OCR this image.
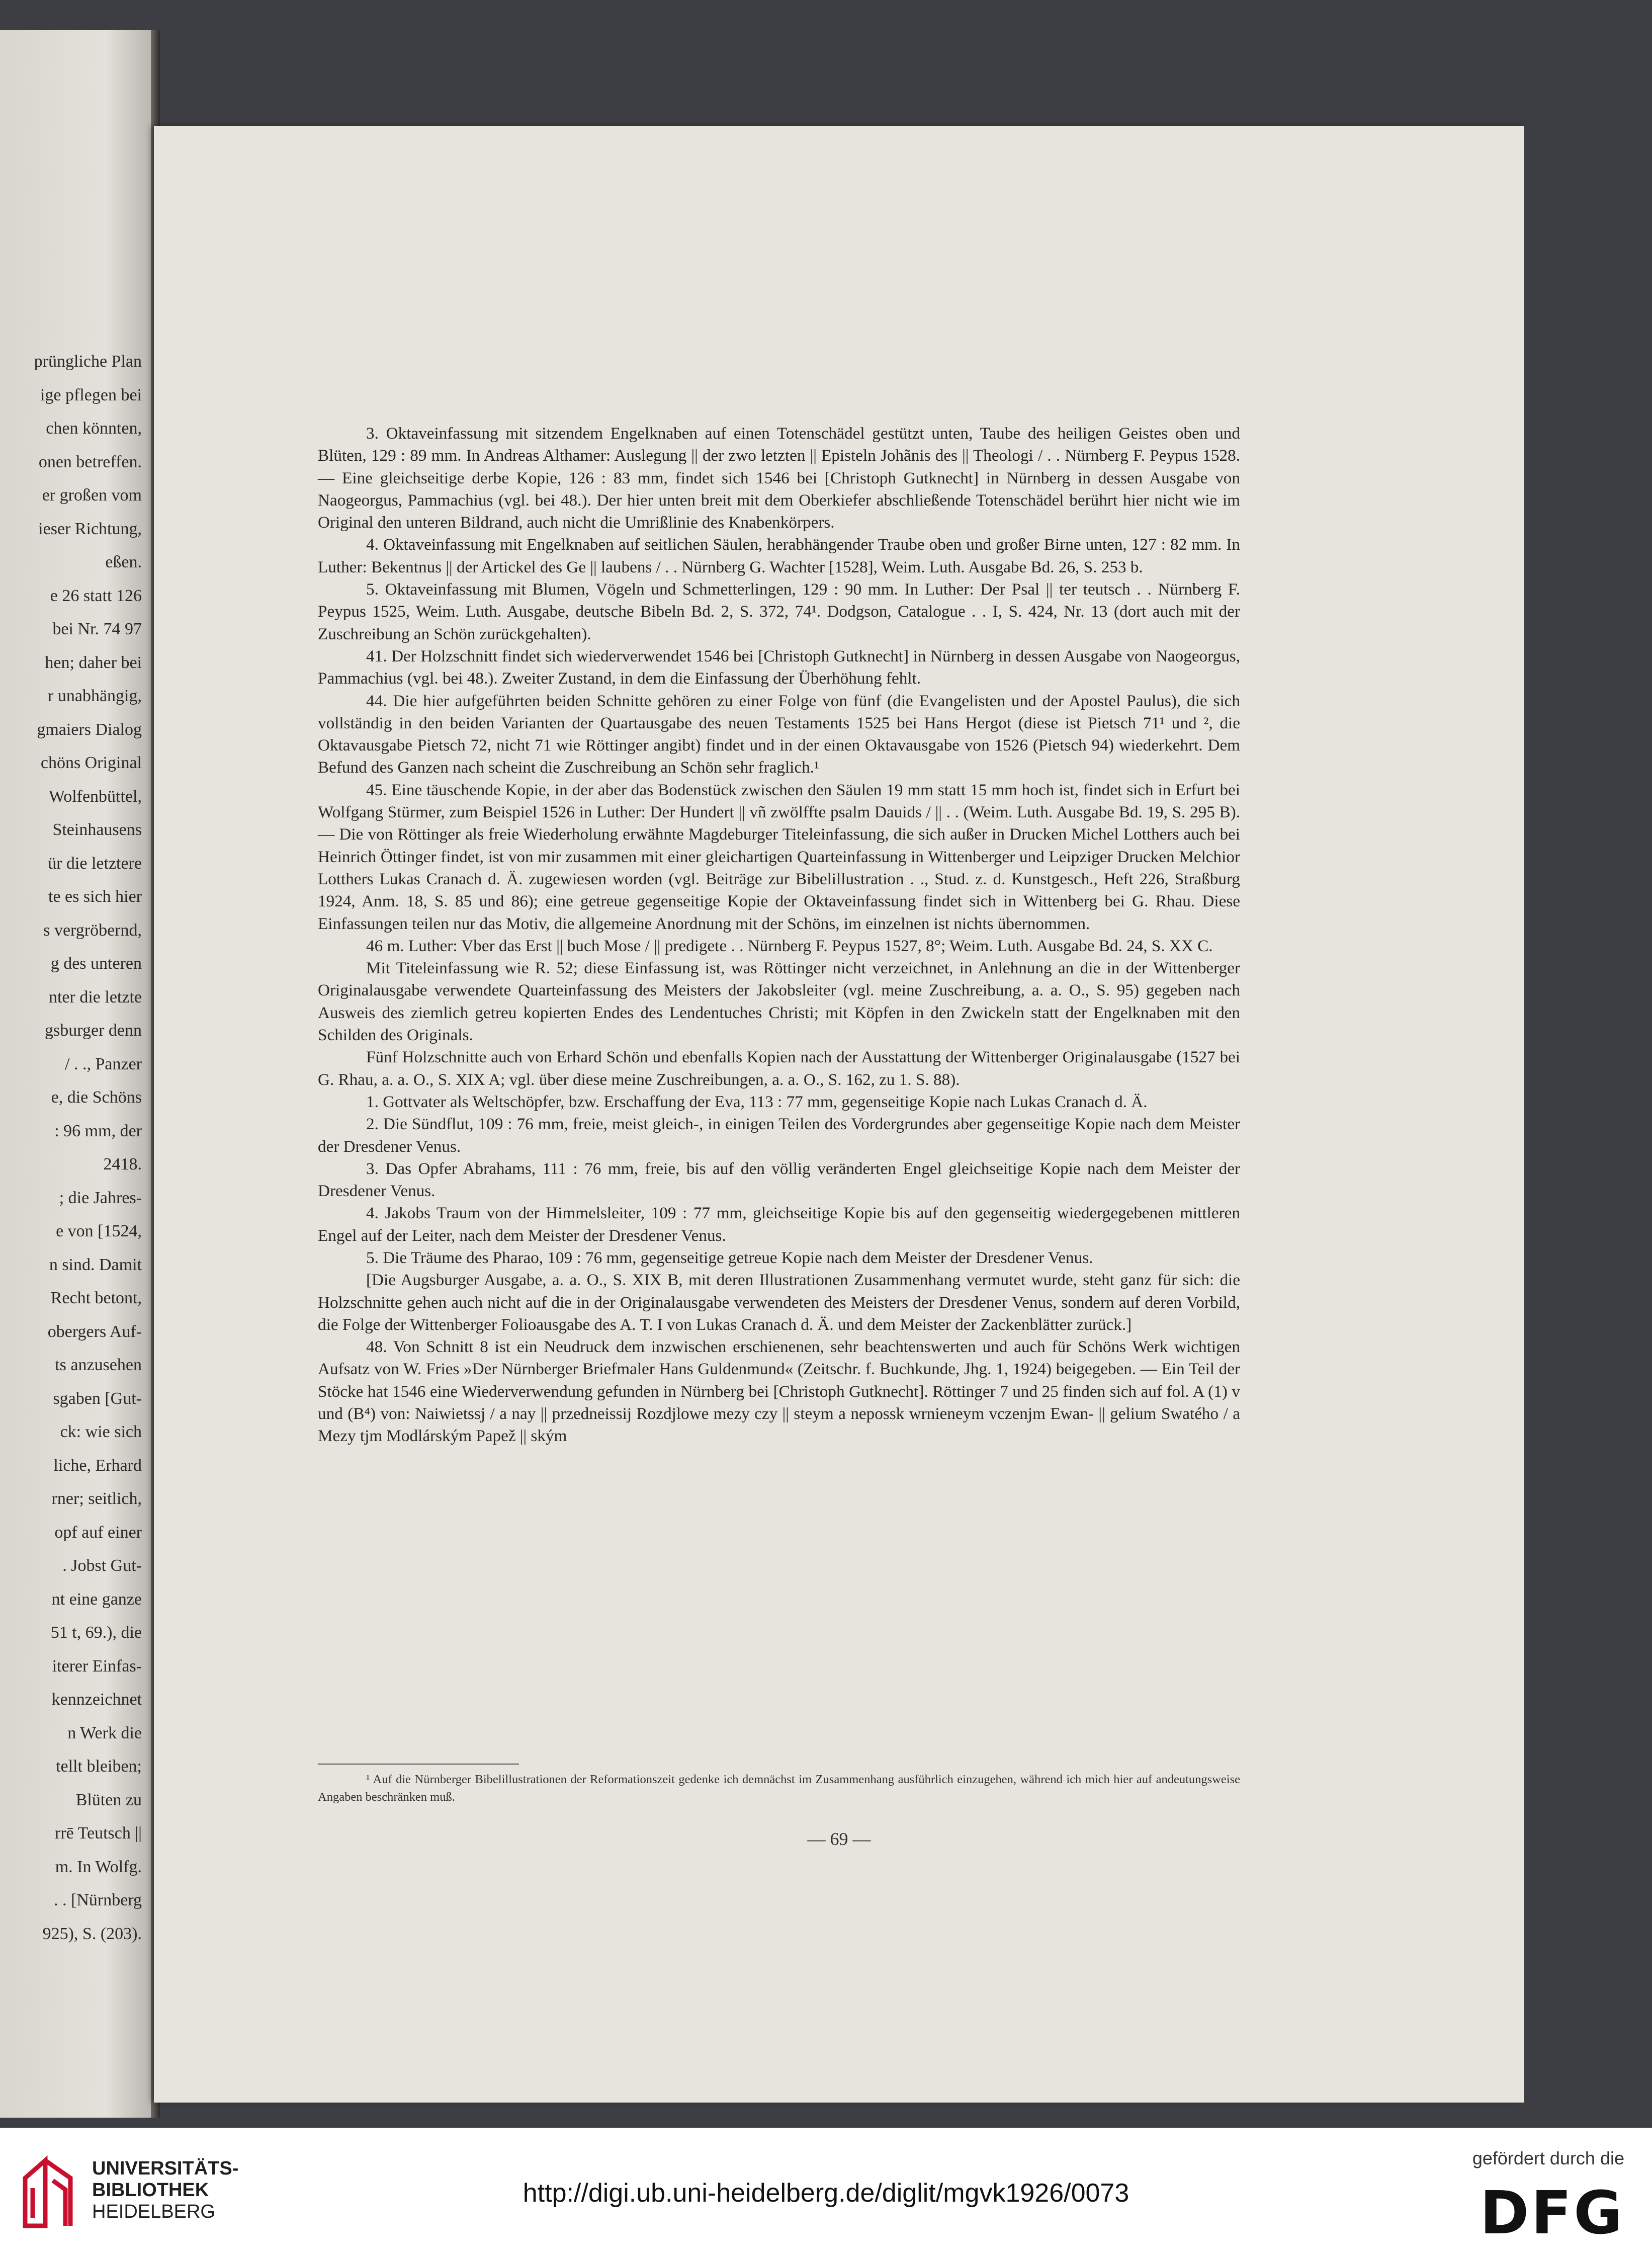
prüngliche Plan
ige pflegen bei
chen könnten,
onen betreffen.
er großen vom
ieser Richtung,
eßen.
e 26 statt 126
bei Nr. 74 97
hen; daher bei
r unabhängig,
gmaiers Dialog
chöns Original
Wolfenbüttel,
Steinhausens
ür die letztere
te es sich hier
s vergröbernd,
g des unteren
nter die letzte
gsburger denn
/ . ., Panzer
e, die Schöns
: 96 mm, der
2418.
; die Jahres-
e von [1524,
n sind. Damit
Recht betont,
obergers Auf-
ts anzusehen
sgaben [Gut-
ck: wie sich
liche, Erhard
rner; seitlich,
opf auf einer
. Jobst Gut-
nt eine ganze
51 t, 69.), die
iterer Einfas-
kennzeichnet
n Werk die
tellt bleiben;
Blüten zu
rrē Teutsch ||
m. In Wolfg.
. . [Nürnberg
925), S. (203).

3. Oktaveinfassung mit sitzendem Engelknaben auf einen Totenschädel gestützt unten, Taube des heiligen Geistes oben und Blüten, 129 : 89 mm. In Andreas Althamer: Auslegung || der zwo letzten || Episteln Johãnis des || Theologi / . . Nürnberg F. Peypus 1528. — Eine gleichseitige derbe Kopie, 126 : 83 mm, findet sich 1546 bei [Christoph Gutknecht] in Nürnberg in dessen Ausgabe von Naogeorgus, Pammachius (vgl. bei 48.). Der hier unten breit mit dem Oberkiefer abschließende Totenschädel berührt hier nicht wie im Original den unteren Bildrand, auch nicht die Umrißlinie des Knabenkörpers.

4. Oktaveinfassung mit Engelknaben auf seitlichen Säulen, herabhängender Traube oben und großer Birne unten, 127 : 82 mm. In Luther: Bekentnus || der Artickel des Ge || laubens / . . Nürnberg G. Wachter [1528], Weim. Luth. Ausgabe Bd. 26, S. 253 b.

5. Oktaveinfassung mit Blumen, Vögeln und Schmetterlingen, 129 : 90 mm. In Luther: Der Psal || ter teutsch . . Nürnberg F. Peypus 1525, Weim. Luth. Ausgabe, deutsche Bibeln Bd. 2, S. 372, 74¹. Dodgson, Catalogue . . I, S. 424, Nr. 13 (dort auch mit der Zuschreibung an Schön zurückgehalten).

41. Der Holzschnitt findet sich wiederverwendet 1546 bei [Christoph Gutknecht] in Nürnberg in dessen Ausgabe von Naogeorgus, Pammachius (vgl. bei 48.). Zweiter Zustand, in dem die Einfassung der Überhöhung fehlt.

44. Die hier aufgeführten beiden Schnitte gehören zu einer Folge von fünf (die Evangelisten und der Apostel Paulus), die sich vollständig in den beiden Varianten der Quartausgabe des neuen Testaments 1525 bei Hans Hergot (diese ist Pietsch 71¹ und ², die Oktavausgabe Pietsch 72, nicht 71 wie Röttinger angibt) findet und in der einen Oktavausgabe von 1526 (Pietsch 94) wiederkehrt. Dem Befund des Ganzen nach scheint die Zuschreibung an Schön sehr fraglich.¹

45. Eine täuschende Kopie, in der aber das Bodenstück zwischen den Säulen 19 mm statt 15 mm hoch ist, findet sich in Erfurt bei Wolfgang Stürmer, zum Beispiel 1526 in Luther: Der Hundert || vñ zwölffte psalm Dauids / || . . (Weim. Luth. Ausgabe Bd. 19, S. 295 B). — Die von Röttinger als freie Wiederholung erwähnte Magdeburger Titeleinfassung, die sich außer in Drucken Michel Lotthers auch bei Heinrich Öttinger findet, ist von mir zusammen mit einer gleichartigen Quarteinfassung in Wittenberger und Leipziger Drucken Melchior Lotthers Lukas Cranach d. Ä. zugewiesen worden (vgl. Beiträge zur Bibelillustration . ., Stud. z. d. Kunstgesch., Heft 226, Straßburg 1924, Anm. 18, S. 85 und 86); eine getreue gegenseitige Kopie der Oktaveinfassung findet sich in Wittenberg bei G. Rhau. Diese Einfassungen teilen nur das Motiv, die allgemeine Anordnung mit der Schöns, im einzelnen ist nichts übernommen.

46 m. Luther: Vber das Erst || buch Mose / || predigete . . Nürnberg F. Peypus 1527, 8°; Weim. Luth. Ausgabe Bd. 24, S. XX C.

Mit Titeleinfassung wie R. 52; diese Einfassung ist, was Röttinger nicht verzeichnet, in Anlehnung an die in der Wittenberger Originalausgabe verwendete Quarteinfassung des Meisters der Jakobsleiter (vgl. meine Zuschreibung, a. a. O., S. 95) gegeben nach Ausweis des ziemlich getreu kopierten Endes des Lendentuches Christi; mit Köpfen in den Zwickeln statt der Engelknaben mit den Schilden des Originals.

Fünf Holzschnitte auch von Erhard Schön und ebenfalls Kopien nach der Ausstattung der Wittenberger Originalausgabe (1527 bei G. Rhau, a. a. O., S. XIX A; vgl. über diese meine Zuschreibungen, a. a. O., S. 162, zu 1. S. 88).

1. Gottvater als Weltschöpfer, bzw. Erschaffung der Eva, 113 : 77 mm, gegenseitige Kopie nach Lukas Cranach d. Ä.

2. Die Sündflut, 109 : 76 mm, freie, meist gleich-, in einigen Teilen des Vordergrundes aber gegenseitige Kopie nach dem Meister der Dresdener Venus.

3. Das Opfer Abrahams, 111 : 76 mm, freie, bis auf den völlig veränderten Engel gleichseitige Kopie nach dem Meister der Dresdener Venus.

4. Jakobs Traum von der Himmelsleiter, 109 : 77 mm, gleichseitige Kopie bis auf den gegenseitig wiedergegebenen mittleren Engel auf der Leiter, nach dem Meister der Dresdener Venus.

5. Die Träume des Pharao, 109 : 76 mm, gegenseitige getreue Kopie nach dem Meister der Dresdener Venus.

[Die Augsburger Ausgabe, a. a. O., S. XIX B, mit deren Illustrationen Zusammenhang vermutet wurde, steht ganz für sich: die Holzschnitte gehen auch nicht auf die in der Originalausgabe verwendeten des Meisters der Dresdener Venus, sondern auf deren Vorbild, die Folge der Wittenberger Folioausgabe des A. T. I von Lukas Cranach d. Ä. und dem Meister der Zackenblätter zurück.]

48. Von Schnitt 8 ist ein Neudruck dem inzwischen erschienenen, sehr beachtenswerten und auch für Schöns Werk wichtigen Aufsatz von W. Fries »Der Nürnberger Briefmaler Hans Guldenmund« (Zeitschr. f. Buchkunde, Jhg. 1, 1924) beigegeben. — Ein Teil der Stöcke hat 1546 eine Wiederverwendung gefunden in Nürnberg bei [Christoph Gutknecht]. Röttinger 7 und 25 finden sich auf fol. A (1) v und (B⁴) von: Naiwietssj / a nay || przedneissij Rozdjlowe mezy czy || steym a nepossk wrnieneym vczenjm Ewan- || gelium Swatého / a Mezy tjm Modlárským Papež || ským

¹ Auf die Nürnberger Bibelillustrationen der Reformationszeit gedenke ich demnächst im Zusammenhang ausführlich einzugehen, während ich mich hier auf andeutungsweise Angaben beschränken muß.
— 69 —
UNIVERSITÄTS-
BIBLIOTHEK
HEIDELBERG
http://digi.ub.uni-heidelberg.de/diglit/mgvk1926/0073
gefördert durch die
DFG
